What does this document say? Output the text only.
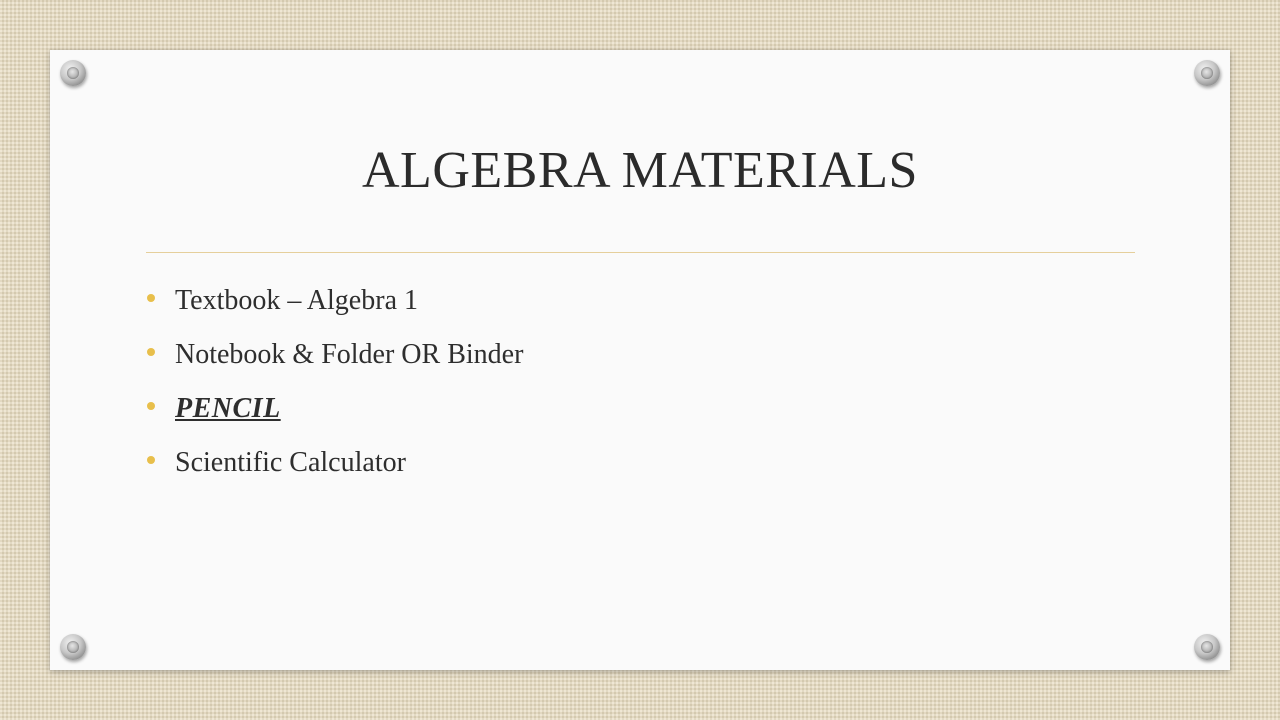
ALGEBRA MATERIALS
Textbook – Algebra 1
Notebook & Folder OR Binder
PENCIL
Scientific Calculator
